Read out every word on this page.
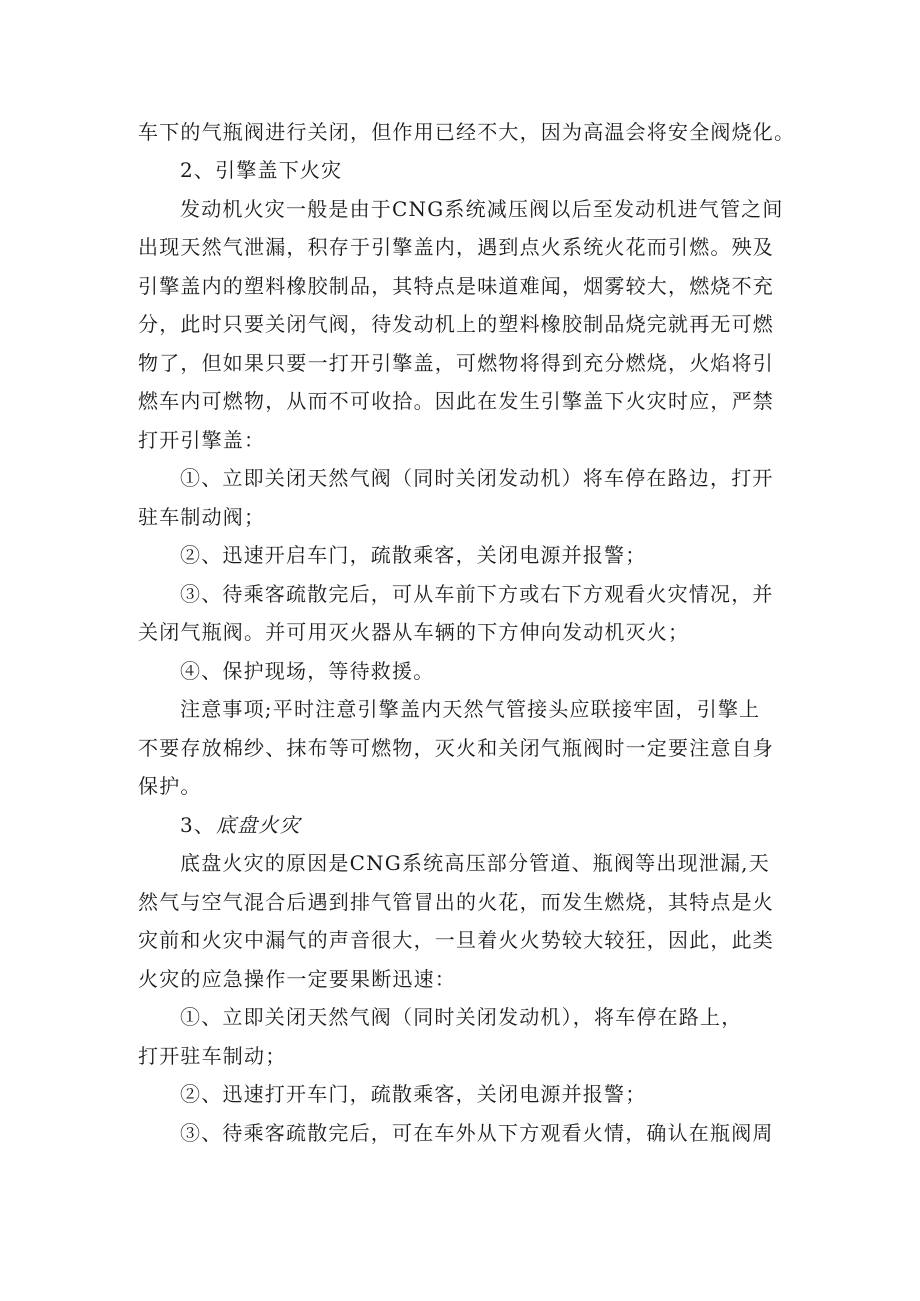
车下的气瓶阀进行关闭，但作用已经不大，因为高温会将安全阀烧化。
2、引擎盖下火灾
发动机火灾一般是由于CNG系统减压阀以后至发动机进气管之间
出现天然气泄漏，积存于引擎盖内，遇到点火系统火花而引燃。殃及
引擎盖内的塑料橡胶制品，其特点是味道难闻，烟雾较大，燃烧不充
分，此时只要关闭气阀，待发动机上的塑料橡胶制品烧完就再无可燃
物了，但如果只要一打开引擎盖，可燃物将得到充分燃烧，火焰将引
燃车内可燃物，从而不可收拾。因此在发生引擎盖下火灾时应，严禁
打开引擎盖：
①、立即关闭天然气阀（同时关闭发动机）将车停在路边，打开
驻车制动阀；
②、迅速开启车门，疏散乘客，关闭电源并报警；
③、待乘客疏散完后，可从车前下方或右下方观看火灾情况，并
关闭气瓶阀。并可用灭火器从车辆的下方伸向发动机灭火；
④、保护现场，等待救援。
注意事项;平时注意引擎盖内天然气管接头应联接牢固，引擎上
不要存放棉纱、抹布等可燃物，灭火和关闭气瓶阀时一定要注意自身
保护。
3、 底盘火灾
底盘火灾的原因是CNG系统高压部分管道、瓶阀等出现泄漏,天
然气与空气混合后遇到排气管冒出的火花，而发生燃烧，其特点是火
灾前和火灾中漏气的声音很大，一旦着火火势较大较狂，因此，此类
火灾的应急操作一定要果断迅速：
①、立即关闭天然气阀（同时关闭发动机），将车停在路上，
打开驻车制动；
②、迅速打开车门，疏散乘客，关闭电源并报警；
③、待乘客疏散完后，可在车外从下方观看火情，确认在瓶阀周
